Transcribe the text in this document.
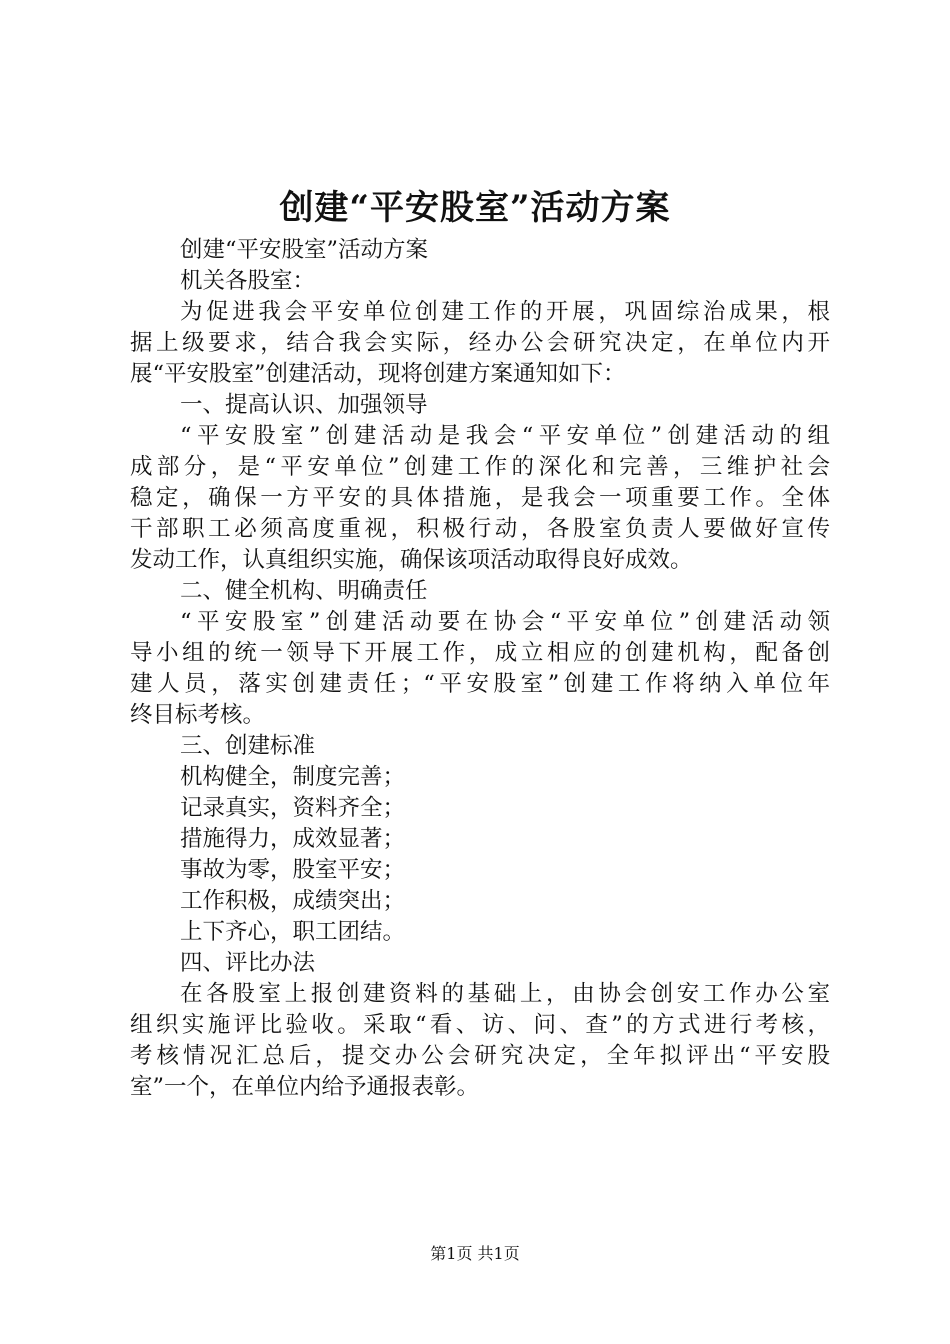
创建“平安股室”活动方案

创建“平安股室”活动方案

机关各股室：

为促进我会平安单位创建工作的开展，巩固综治成果，根

据上级要求，结合我会实际，经办公会研究决定，在单位内开

展“平安股室”创建活动，现将创建方案通知如下：

一、提高认识、加强领导

“平安股室”创建活动是我会“平安单位”创建活动的组

成部分，是“平安单位”创建工作的深化和完善，三维护社会

稳定，确保一方平安的具体措施，是我会一项重要工作。全体

干部职工必须高度重视，积极行动，各股室负责人要做好宣传

发动工作，认真组织实施，确保该项活动取得良好成效。

二、健全机构、明确责任

“平安股室”创建活动要在协会“平安单位”创建活动领

导小组的统一领导下开展工作，成立相应的创建机构，配备创

建人员，落实创建责任；“平安股室”创建工作将纳入单位年

终目标考核。

三、创建标准

机构健全，制度完善；

记录真实，资料齐全；

措施得力，成效显著；

事故为零，股室平安；

工作积极，成绩突出；

上下齐心，职工团结。

四、评比办法

在各股室上报创建资料的基础上，由协会创安工作办公室

组织实施评比验收。采取“看、访、问、查”的方式进行考核，

考核情况汇总后，提交办公会研究决定，全年拟评出“平安股

室”一个，在单位内给予通报表彰。

第1页 共1页
